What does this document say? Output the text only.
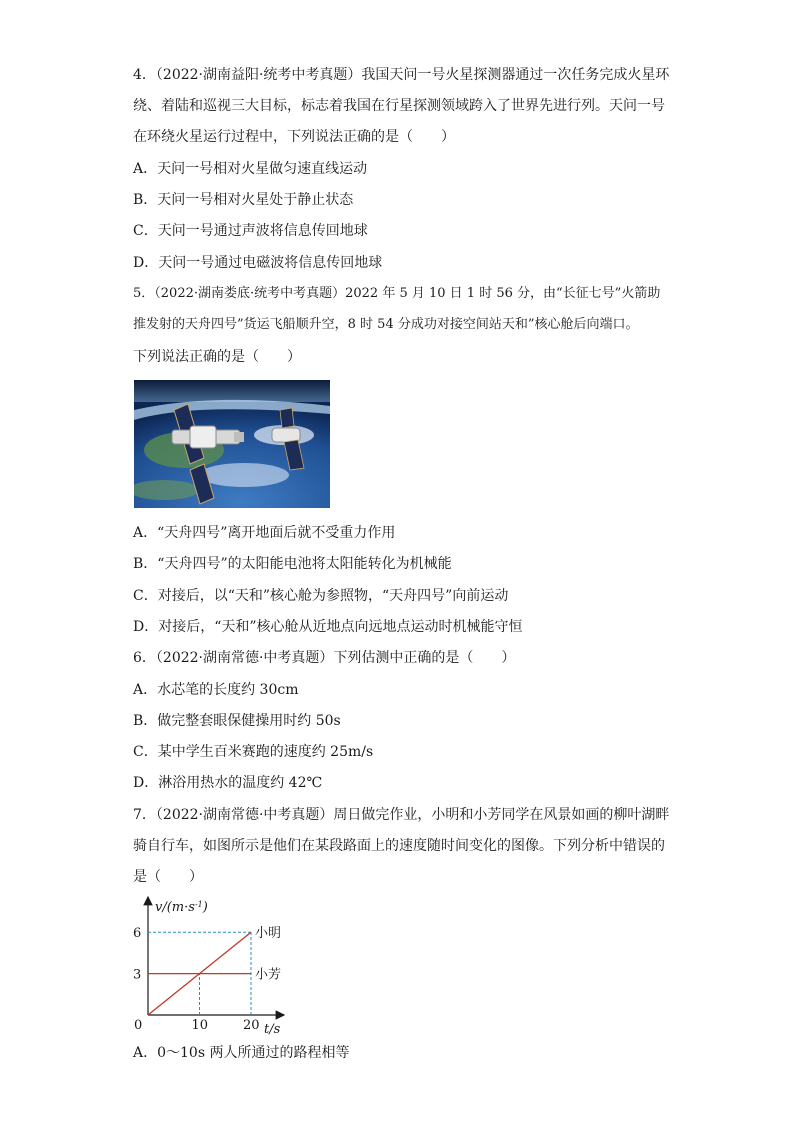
4．（2022·湖南益阳·统考中考真题）我国天问一号火星探测器通过一次任务完成火星环
绕、着陆和巡视三大目标，标志着我国在行星探测领域跨入了世界先进行列。天问一号
在环绕火星运行过程中，下列说法正确的是（　　）
A．天问一号相对火星做匀速直线运动
B．天问一号相对火星处于静止状态
C．天问一号通过声波将信息传回地球
D．天问一号通过电磁波将信息传回地球
5．（2022·湖南娄底·统考中考真题）2022 年 5 月 10 日 1 时 56 分，由“长征七号”火箭助
推发射的天舟四号”货运飞船顺升空，8 时 54 分成功对接空间站天和”核心舱后向端口。
下列说法正确的是（　　）
A．“天舟四号”离开地面后就不受重力作用
B．“天舟四号”的太阳能电池将太阳能转化为机械能
C．对接后，以“天和”核心舱为参照物，“天舟四号”向前运动
D．对接后，“天和”核心舱从近地点向远地点运动时机械能守恒
6．（2022·湖南常德·中考真题）下列估测中正确的是（　　）
A．水芯笔的长度约 30cm
B．做完整套眼保健操用时约 50s
C．某中学生百米赛跑的速度约 25m/s
D．淋浴用热水的温度约 42℃
7．（2022·湖南常德·中考真题）周日做完作业，小明和小芳同学在风景如画的柳叶湖畔
骑自行车，如图所示是他们在某段路面上的速度随时间变化的图像。下列分析中错误的
是（　　）
10	20
3
6
0
$v/(m\cdot s^{-1})$
t/s
小明
小芳
A．0～10s 两人所通过的路程相等
